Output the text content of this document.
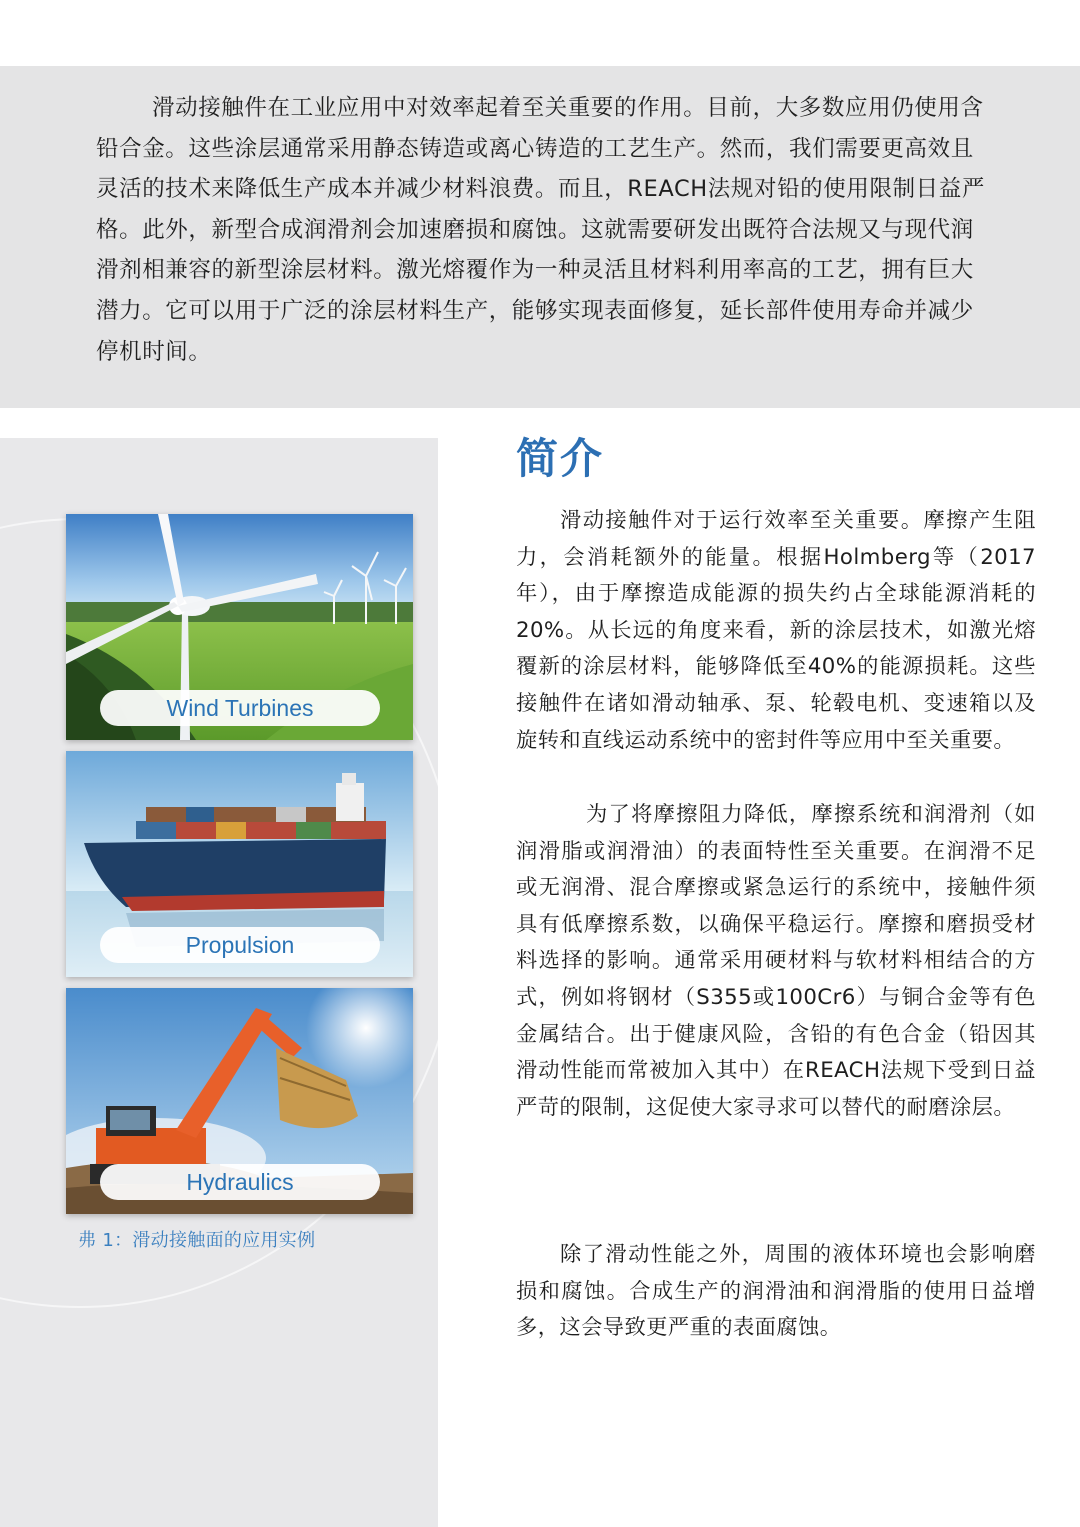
滑动接触件在工业应用中对效率起着至关重要的作用。目前，大多数应用仍使用含铅合金。这些涂层通常采用静态铸造或离心铸造的工艺生产。然而，我们需要更高效且灵活的技术来降低生产成本并减少材料浪费。而且，REACH法规对铅的使用限制日益严格。此外，新型合成润滑剂会加速磨损和腐蚀。这就需要研发出既符合法规又与现代润滑剂相兼容的新型涂层材料。激光熔覆作为一种灵活且材料利用率高的工艺，拥有巨大潜力。它可以用于广泛的涂层材料生产，能够实现表面修复，延长部件使用寿命并减少停机时间。

Wind Turbines
Propulsion
Hydraulics
弗 1：滑动接触面的应用实例
简介

滑动接触件对于运行效率至关重要。摩擦产生阻力，会消耗额外的能量。根据Holmberg等（2017年），由于摩擦造成能源的损失约占全球能源消耗的20%。从长远的角度来看，新的涂层技术，如激光熔覆新的涂层材料，能够降低至40%的能源损耗。这些接触件在诸如滑动轴承、泵、轮毂电机、变速箱以及旋转和直线运动系统中的密封件等应用中至关重要。

为了将摩擦阻力降低，摩擦系统和润滑剂（如润滑脂或润滑油）的表面特性至关重要。在润滑不足或无润滑、混合摩擦或紧急运行的系统中，接触件须具有低摩擦系数，以确保平稳运行。摩擦和磨损受材料选择的影响。通常采用硬材料与软材料相结合的方式，例如将钢材（S355或100Cr6）与铜合金等有色金属结合。出于健康风险，含铅的有色合金（铅因其滑动性能而常被加入其中）在REACH法规下受到日益严苛的限制，这促使大家寻求可以替代的耐磨涂层。

除了滑动性能之外，周围的液体环境也会影响磨损和腐蚀。合成生产的润滑油和润滑脂的使用日益增多，这会导致更严重的表面腐蚀。
